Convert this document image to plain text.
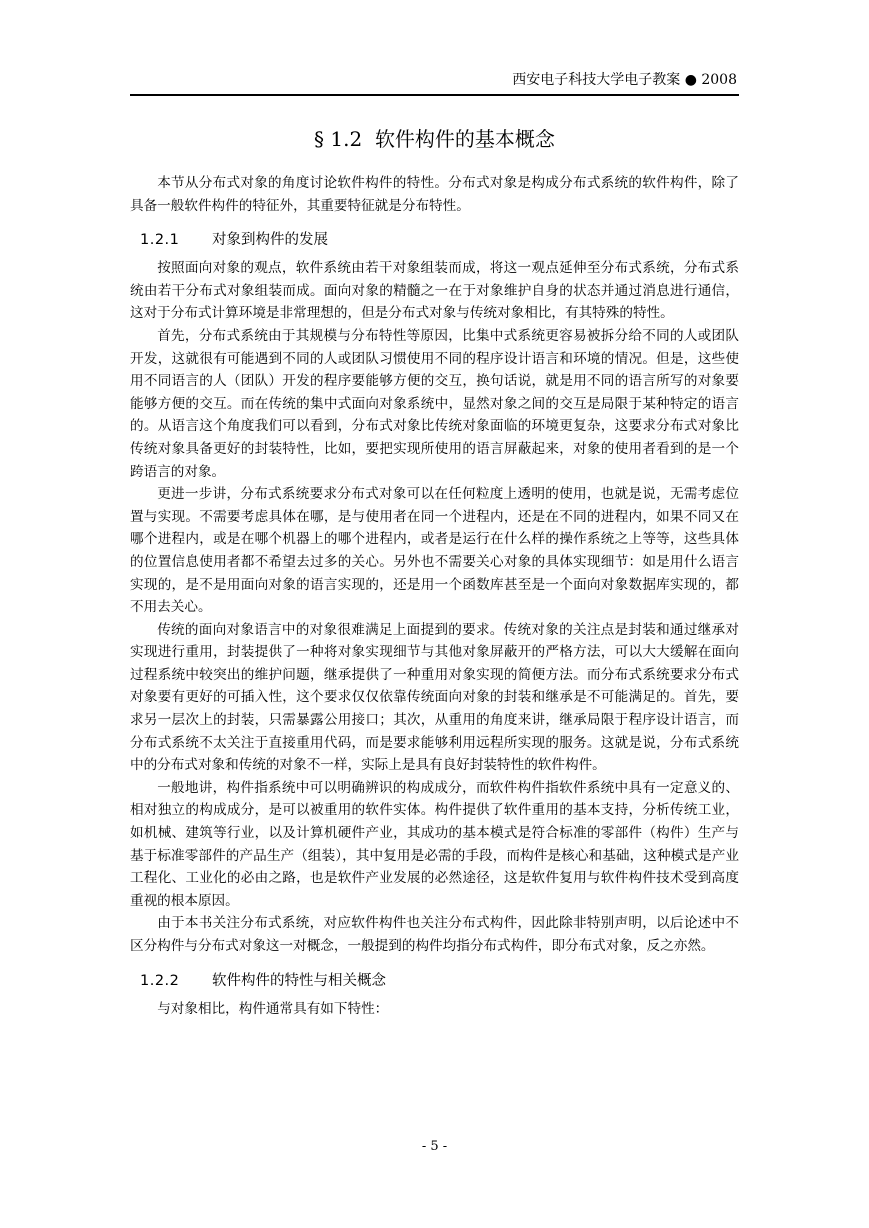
西安电子科技大学电子教案 ● 2008
§ 1.2 软件构件的基本概念

本节从分布式对象的角度讨论软件构件的特性。分布式对象是构成分布式系统的软件构件，除了具备一般软件构件的特征外，其重要特征就是分布特性。

1.2.1	对象到构件的发展

按照面向对象的观点，软件系统由若干对象组装而成，将这一观点延伸至分布式系统，分布式系统由若干分布式对象组装而成。面向对象的精髓之一在于对象维护自身的状态并通过消息进行通信，这对于分布式计算环境是非常理想的，但是分布式对象与传统对象相比，有其特殊的特性。

首先，分布式系统由于其规模与分布特性等原因，比集中式系统更容易被拆分给不同的人或团队开发，这就很有可能遇到不同的人或团队习惯使用不同的程序设计语言和环境的情况。但是，这些使用不同语言的人（团队）开发的程序要能够方便的交互，换句话说，就是用不同的语言所写的对象要能够方便的交互。而在传统的集中式面向对象系统中，显然对象之间的交互是局限于某种特定的语言的。从语言这个角度我们可以看到，分布式对象比传统对象面临的环境更复杂，这要求分布式对象比传统对象具备更好的封装特性，比如，要把实现所使用的语言屏蔽起来，对象的使用者看到的是一个跨语言的对象。

更进一步讲，分布式系统要求分布式对象可以在任何粒度上透明的使用，也就是说，无需考虑位置与实现。不需要考虑具体在哪，是与使用者在同一个进程内，还是在不同的进程内，如果不同又在哪个进程内，或是在哪个机器上的哪个进程内，或者是运行在什么样的操作系统之上等等，这些具体的位置信息使用者都不希望去过多的关心。另外也不需要关心对象的具体实现细节：如是用什么语言实现的，是不是用面向对象的语言实现的，还是用一个函数库甚至是一个面向对象数据库实现的，都不用去关心。

传统的面向对象语言中的对象很难满足上面提到的要求。传统对象的关注点是封装和通过继承对实现进行重用，封装提供了一种将对象实现细节与其他对象屏蔽开的严格方法，可以大大缓解在面向过程系统中较突出的维护问题，继承提供了一种重用对象实现的简便方法。而分布式系统要求分布式对象要有更好的可插入性，这个要求仅仅依靠传统面向对象的封装和继承是不可能满足的。首先，要求另一层次上的封装，只需暴露公用接口；其次，从重用的角度来讲，继承局限于程序设计语言，而分布式系统不太关注于直接重用代码，而是要求能够利用远程所实现的服务。这就是说，分布式系统中的分布式对象和传统的对象不一样，实际上是具有良好封装特性的软件构件。

一般地讲，构件指系统中可以明确辨识的构成成分，而软件构件指软件系统中具有一定意义的、相对独立的构成成分，是可以被重用的软件实体。构件提供了软件重用的基本支持，分析传统工业，如机械、建筑等行业，以及计算机硬件产业，其成功的基本模式是符合标准的零部件（构件）生产与基于标准零部件的产品生产（组装），其中复用是必需的手段，而构件是核心和基础，这种模式是产业工程化、工业化的必由之路，也是软件产业发展的必然途径，这是软件复用与软件构件技术受到高度重视的根本原因。

由于本书关注分布式系统，对应软件构件也关注分布式构件，因此除非特别声明，以后论述中不区分构件与分布式对象这一对概念，一般提到的构件均指分布式构件，即分布式对象，反之亦然。

1.2.2	软件构件的特性与相关概念

与对象相比，构件通常具有如下特性：

- 5 -
